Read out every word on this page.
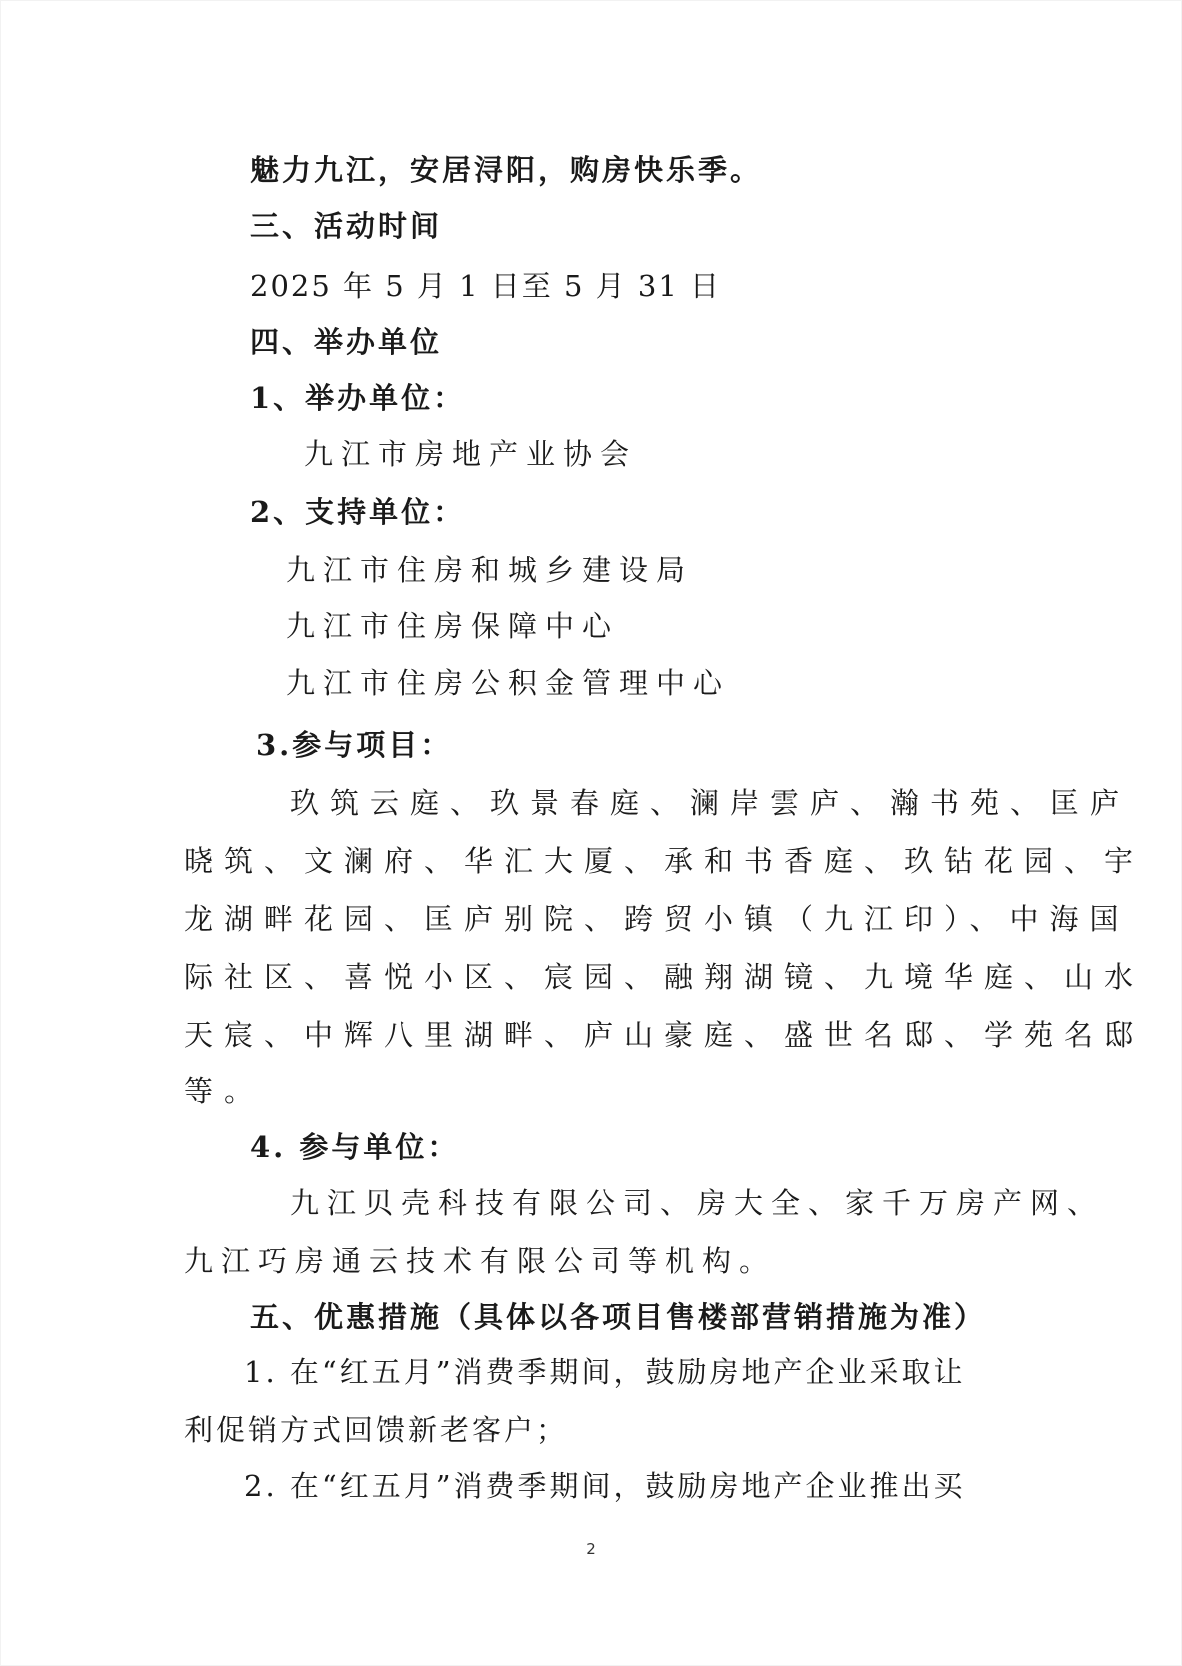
魅力九江，安居浔阳，购房快乐季。
三、活动时间
2025 年 5 月 1 日至 5 月 31 日
四、举办单位
1、举办单位：
九江市房地产业协会
2、支持单位：
九江市住房和城乡建设局
九江市住房保障中心
九江市住房公积金管理中心
3.参与项目：
玖筑云庭、玖景春庭、澜岸雲庐、瀚书苑、匡庐
晓筑、文澜府、华汇大厦、承和书香庭、玖钻花园、宇
龙湖畔花园、匡庐别院、跨贸小镇（九江印）、中海国
际社区、喜悦小区、宸园、融翔湖镜、九境华庭、山水
天宸、中辉八里湖畔、庐山豪庭、盛世名邸、学苑名邸
等。
4. 参与单位：
九江贝壳科技有限公司、房大全、家千万房产网、
九江巧房通云技术有限公司等机构。
五、优惠措施（具体以各项目售楼部营销措施为准）
1. 在“红五月”消费季期间，鼓励房地产企业采取让
利促销方式回馈新老客户；
2. 在“红五月”消费季期间，鼓励房地产企业推出买
2
